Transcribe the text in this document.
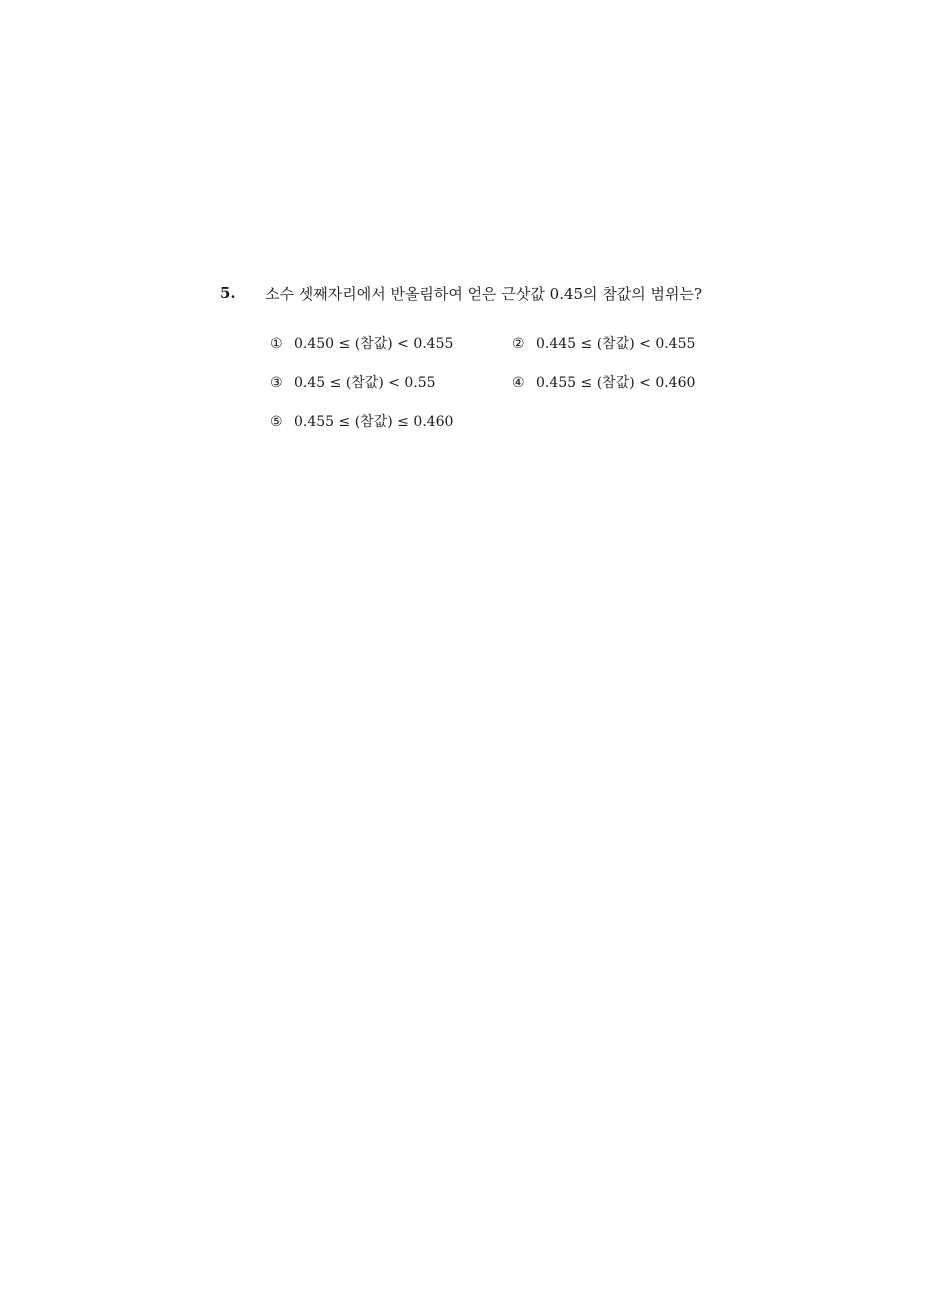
5. 소수 셋째자리에서 반올림하여 얻은 근삿값 0.45의 참값의 범위는?
① 0.450 ≤ (참값) < 0.455	② 0.445 ≤ (참값) < 0.455
③ 0.45 ≤ (참값) < 0.55	④ 0.455 ≤ (참값) < 0.460
⑤ 0.455 ≤ (참값) ≤ 0.460
